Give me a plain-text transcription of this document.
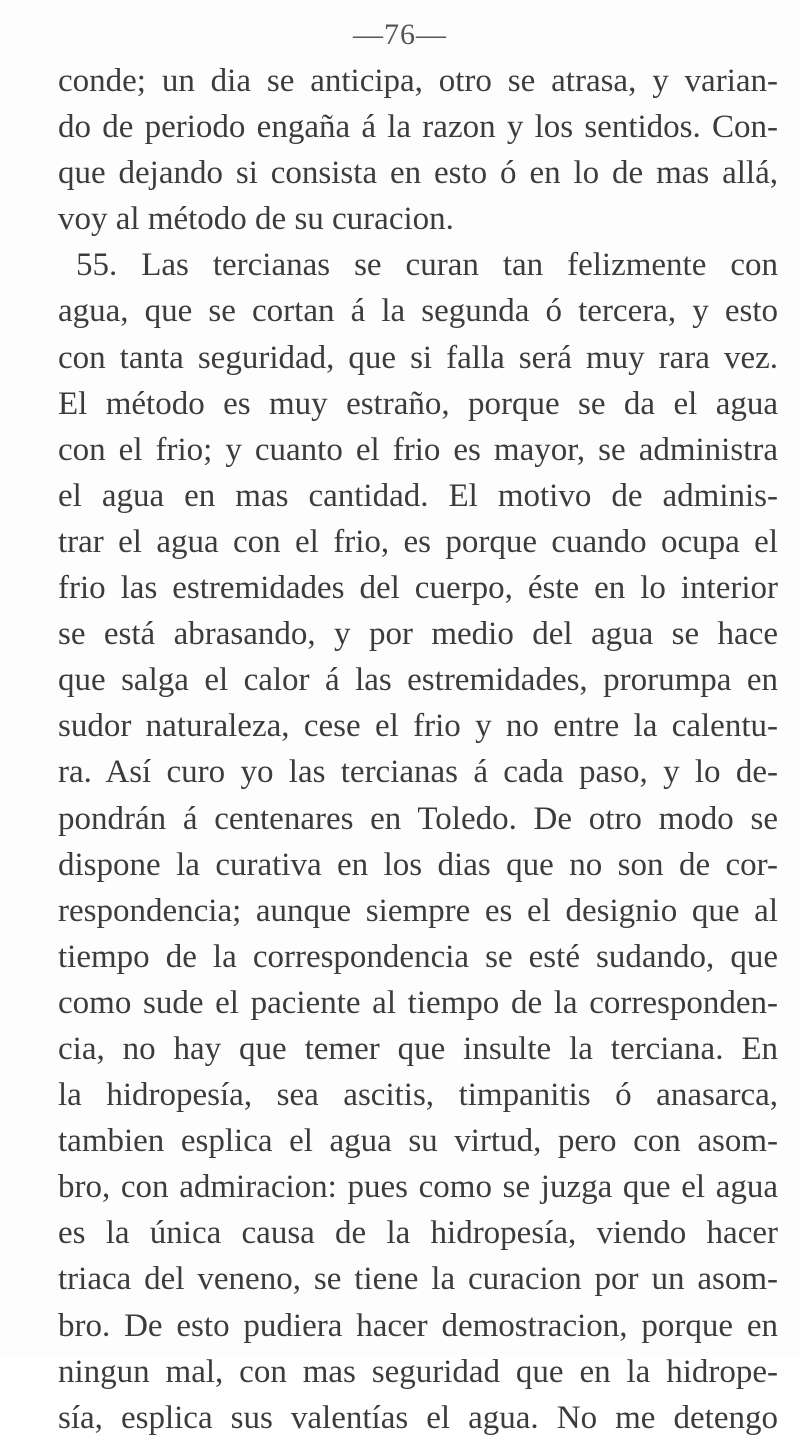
—76—
conde; un dia se anticipa, otro se atrasa, y varian-
do de periodo engaña á la razon y los sentidos. Con-
que dejando si consista en esto ó en lo de mas allá,
voy al método de su curacion.
55. Las tercianas se curan tan felizmente con
agua, que se cortan á la segunda ó tercera, y esto
con tanta seguridad, que si falla será muy rara vez.
El método es muy estraño, porque se da el agua
con el frio; y cuanto el frio es mayor, se administra
el agua en mas cantidad. El motivo de adminis-
trar el agua con el frio, es porque cuando ocupa el
frio las estremidades del cuerpo, éste en lo interior
se está abrasando, y por medio del agua se hace
que salga el calor á las estremidades, prorumpa en
sudor naturaleza, cese el frio y no entre la calentu-
ra. Así curo yo las tercianas á cada paso, y lo de-
pondrán á centenares en Toledo. De otro modo se
dispone la curativa en los dias que no son de cor-
respondencia; aunque siempre es el designio que al
tiempo de la correspondencia se esté sudando, que
como sude el paciente al tiempo de la corresponden-
cia, no hay que temer que insulte la terciana. En
la hidropesía, sea ascitis, timpanitis ó anasarca,
tambien esplica el agua su virtud, pero con asom-
bro, con admiracion: pues como se juzga que el agua
es la única causa de la hidropesía, viendo hacer
triaca del veneno, se tiene la curacion por un asom-
bro. De esto pudiera hacer demostracion, porque en
ningun mal, con mas seguridad que en la hidrope-
sía, esplica sus valentías el agua. No me detengo
